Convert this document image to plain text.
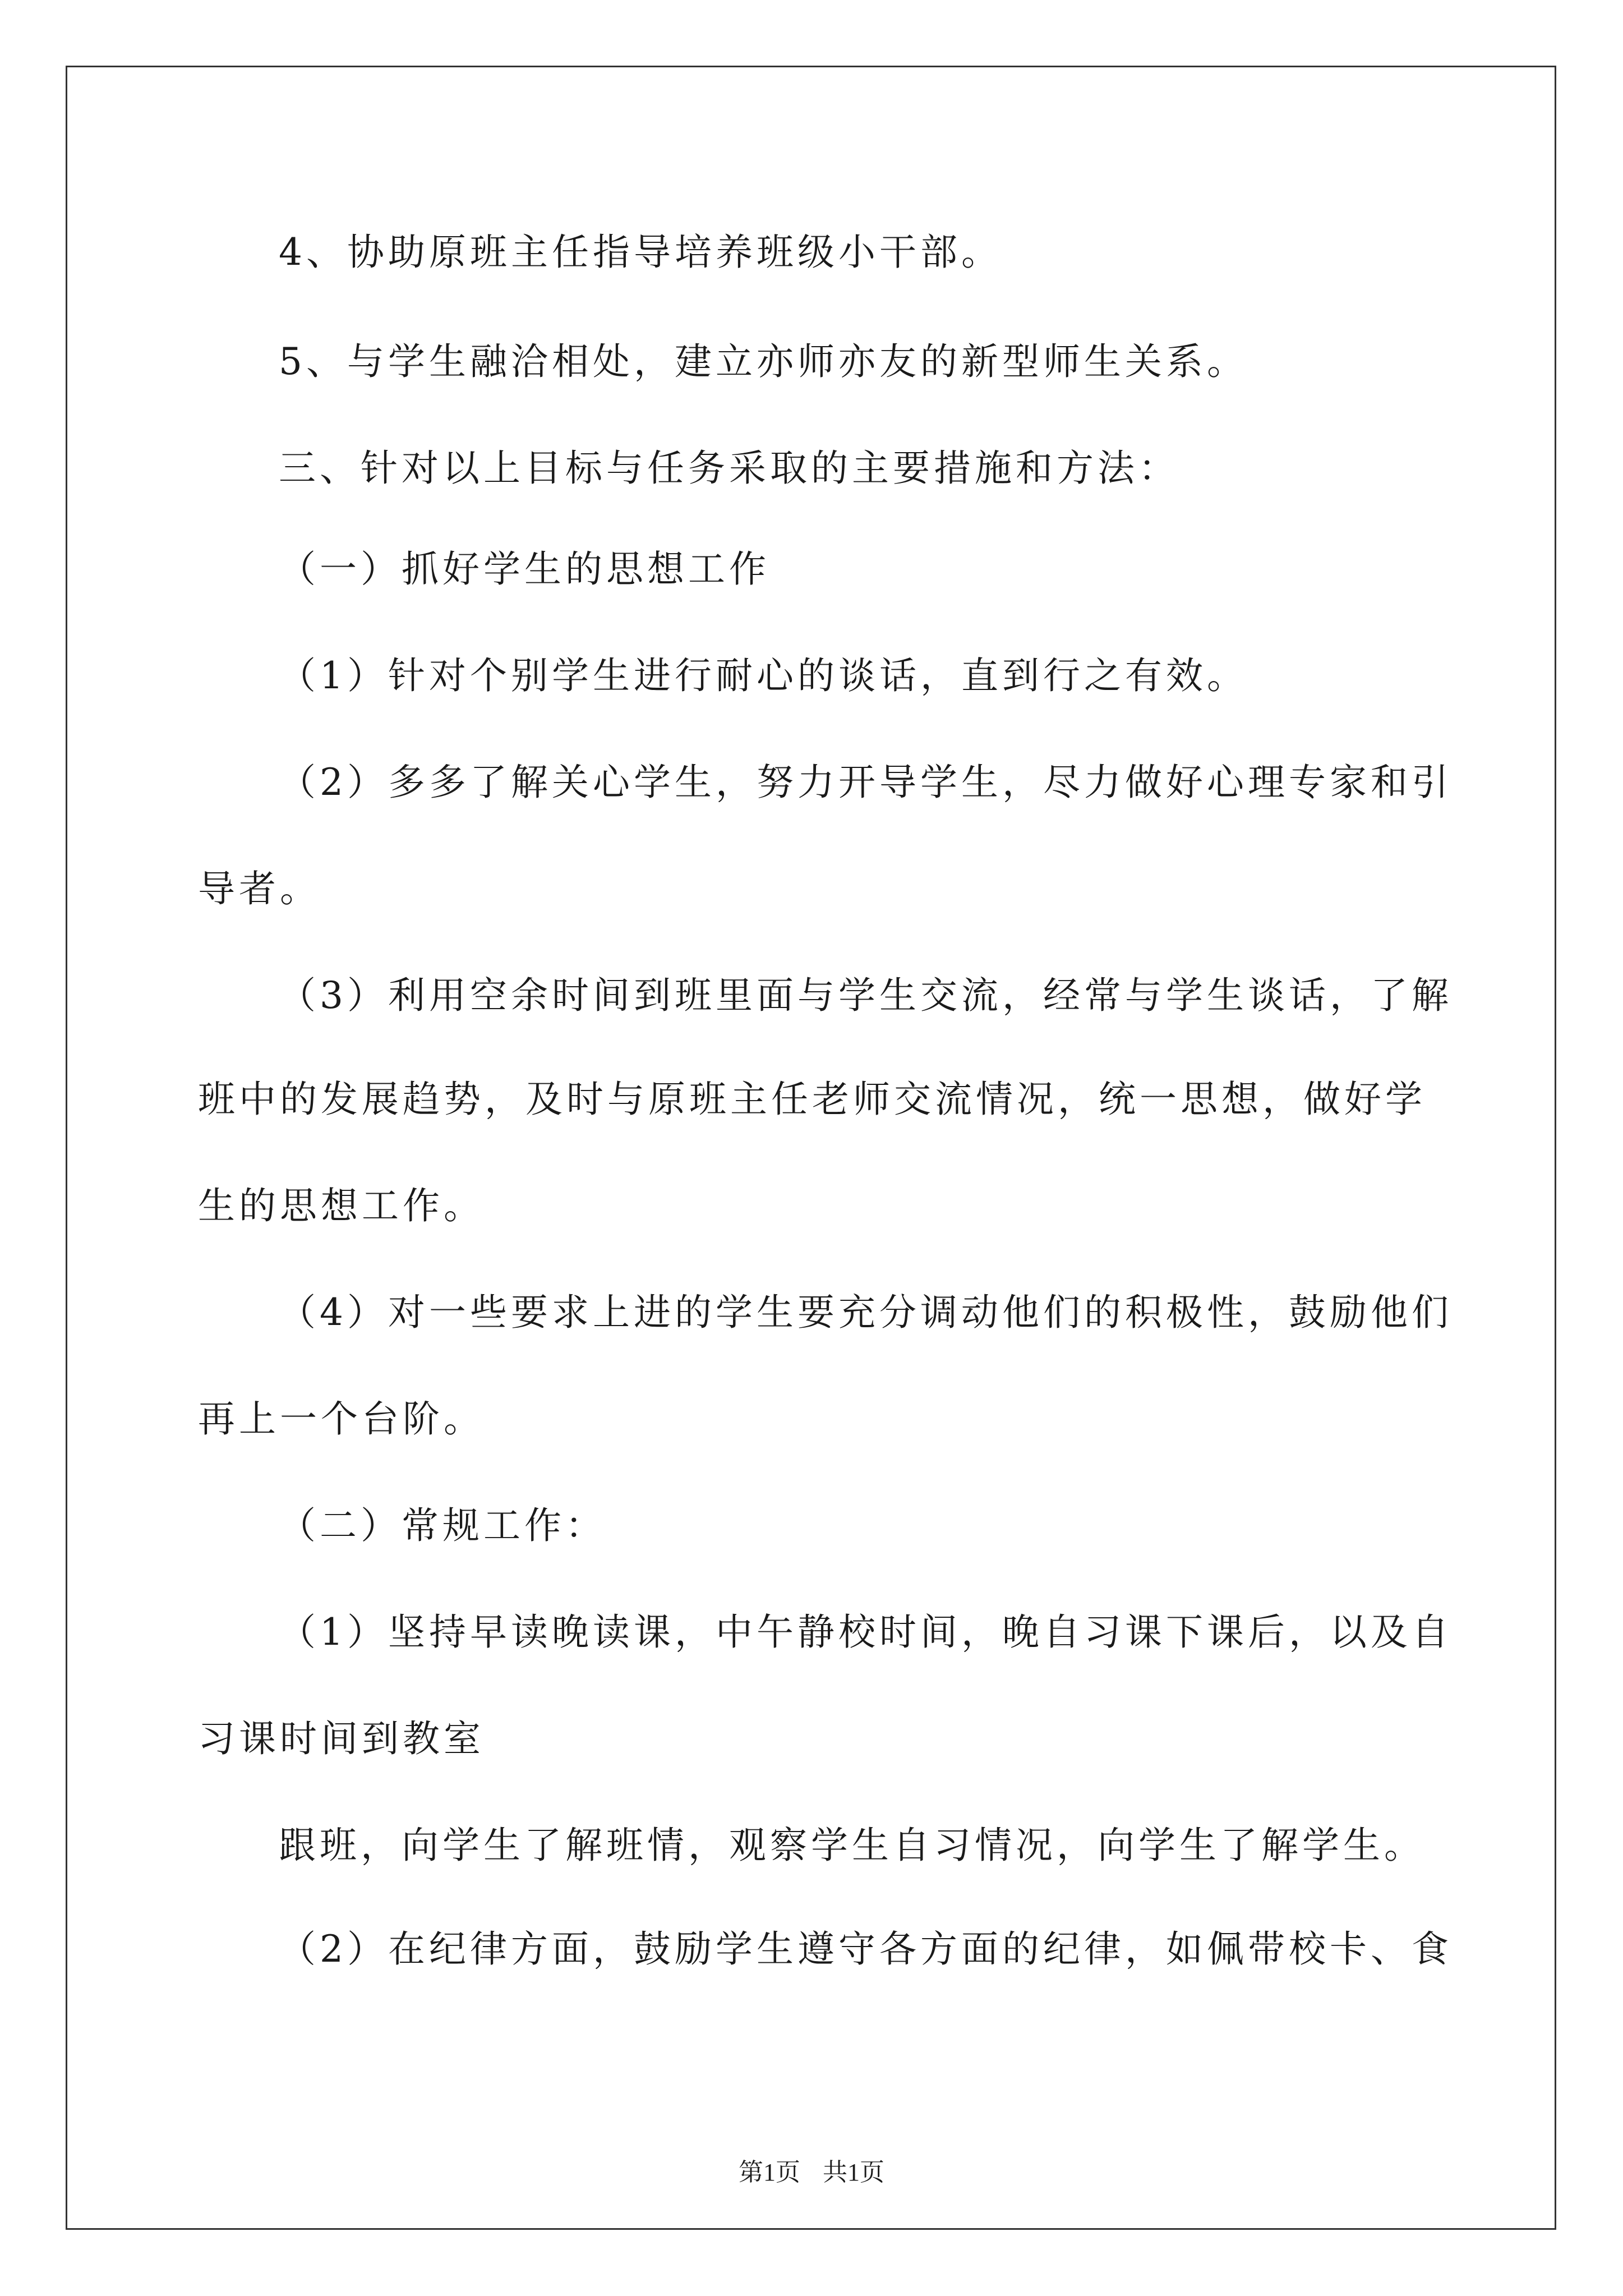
4、协助原班主任指导培养班级小干部。
5、与学生融洽相处，建立亦师亦友的新型师生关系。
三、针对以上目标与任务采取的主要措施和方法：
（一）抓好学生的思想工作
（1）针对个别学生进行耐心的谈话，直到行之有效。
（2）多多了解关心学生，努力开导学生，尽力做好心理专家和引
导者。
（3）利用空余时间到班里面与学生交流，经常与学生谈话，了解
班中的发展趋势，及时与原班主任老师交流情况，统一思想，做好学
生的思想工作。
（4）对一些要求上进的学生要充分调动他们的积极性，鼓励他们
再上一个台阶。
（二）常规工作：
（1）坚持早读晚读课，中午静校时间，晚自习课下课后，以及自
习课时间到教室
跟班，向学生了解班情，观察学生自习情况，向学生了解学生。
（2）在纪律方面，鼓励学生遵守各方面的纪律，如佩带校卡、食
第1页 共1页
